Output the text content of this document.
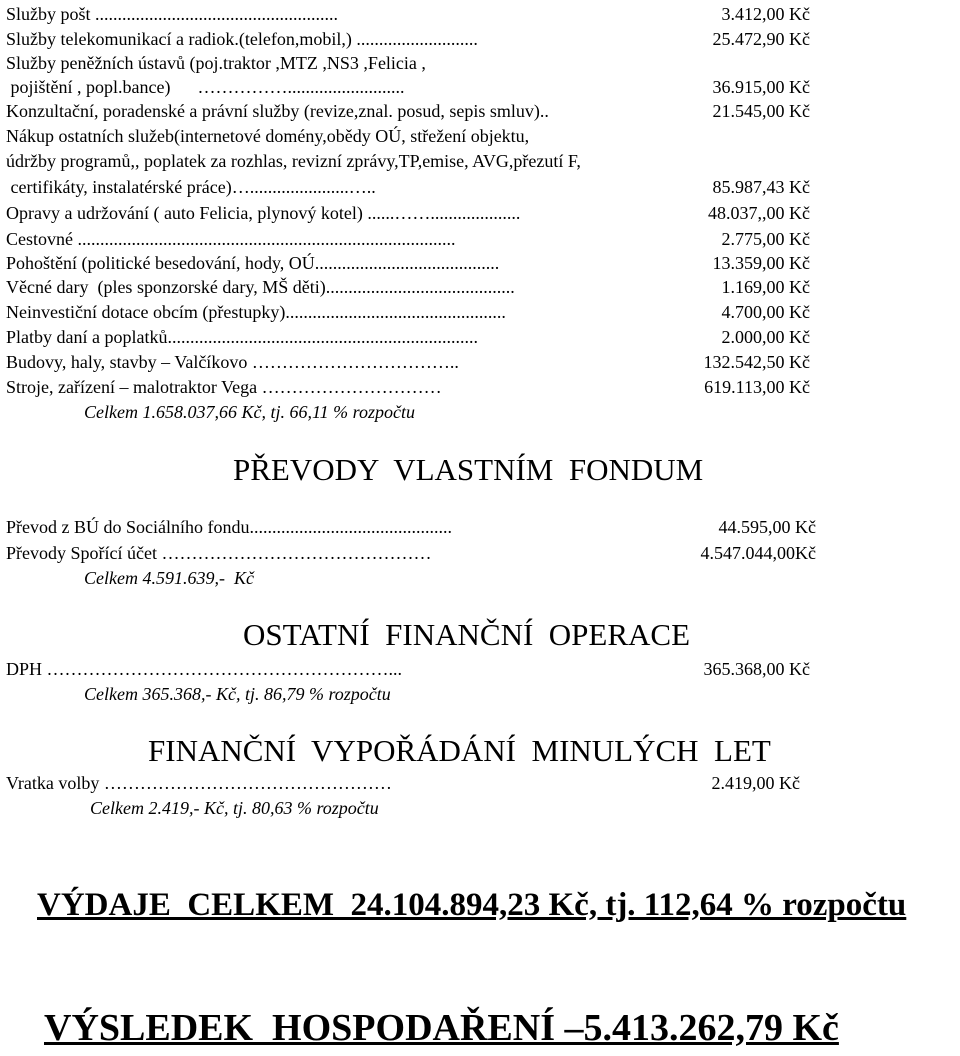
Služby pošt ......................................................	3.412,00 Kč
Služby telekomunikací a radiok.(telefon,mobil,) ...........................	25.472,90 Kč
Služby peněžních ústavů (poj.traktor ,MTZ ,NS3 ,Felicia ,
pojištění , popl.bance)      ……………..........................	36.915,00 Kč
Konzultační, poradenské a právní služby (revize,znal. posud, sepis smluv)..	21.545,00 Kč
Nákup ostatních služeb(internetové domény,obědy OÚ, střežení objektu,
údržby programů,, poplatek za rozhlas, revizní zprávy,TP,emise, AVG,přezutí F,
certifikáty, instalatérské práce)…......................…..	85.987,43 Kč
Opravy a udržování ( auto Felicia, plynový kotel) ......……....................	48.037,,00 Kč
Cestovné ....................................................................................	2.775,00 Kč
Pohoštění (politické besedování, hody, OÚ.........................................	13.359,00 Kč
Věcné dary  (ples sponzorské dary, MŠ děti)..........................................	1.169,00 Kč
Neinvestiční dotace obcím (přestupky).................................................	4.700,00 Kč
Platby daní a poplatků.....................................................................	2.000,00 Kč
Budovy, haly, stavby – Valčíkovo ……………………………..	132.542,50 Kč
Stroje, zařízení – malotraktor Vega …………………………	619.113,00 Kč
Celkem 1.658.037,66 Kč, tj. 66,11 % rozpočtu
PŘEVODY  VLASTNÍM  FONDUM
Převod z BÚ do Sociálního fondu.............................................	44.595,00 Kč
Převody Spořící účet ………………………………………	4.547.044,00Kč
Celkem 4.591.639,-  Kč
OSTATNÍ  FINANČNÍ  OPERACE
DPH …………………………………………………...	365.368,00 Kč
Celkem 365.368,- Kč, tj. 86,79 % rozpočtu
FINANČNÍ  VYPOŘÁDÁNÍ  MINULÝCH  LET
Vratka volby …………………………………………	2.419,00 Kč
Celkem 2.419,- Kč, tj. 80,63 % rozpočtu
VÝDAJE  CELKEM  24.104.894,23 Kč, tj. 112,64 % rozpočtu
VÝSLEDEK  HOSPODAŘENÍ –5.413.262,79 Kč
